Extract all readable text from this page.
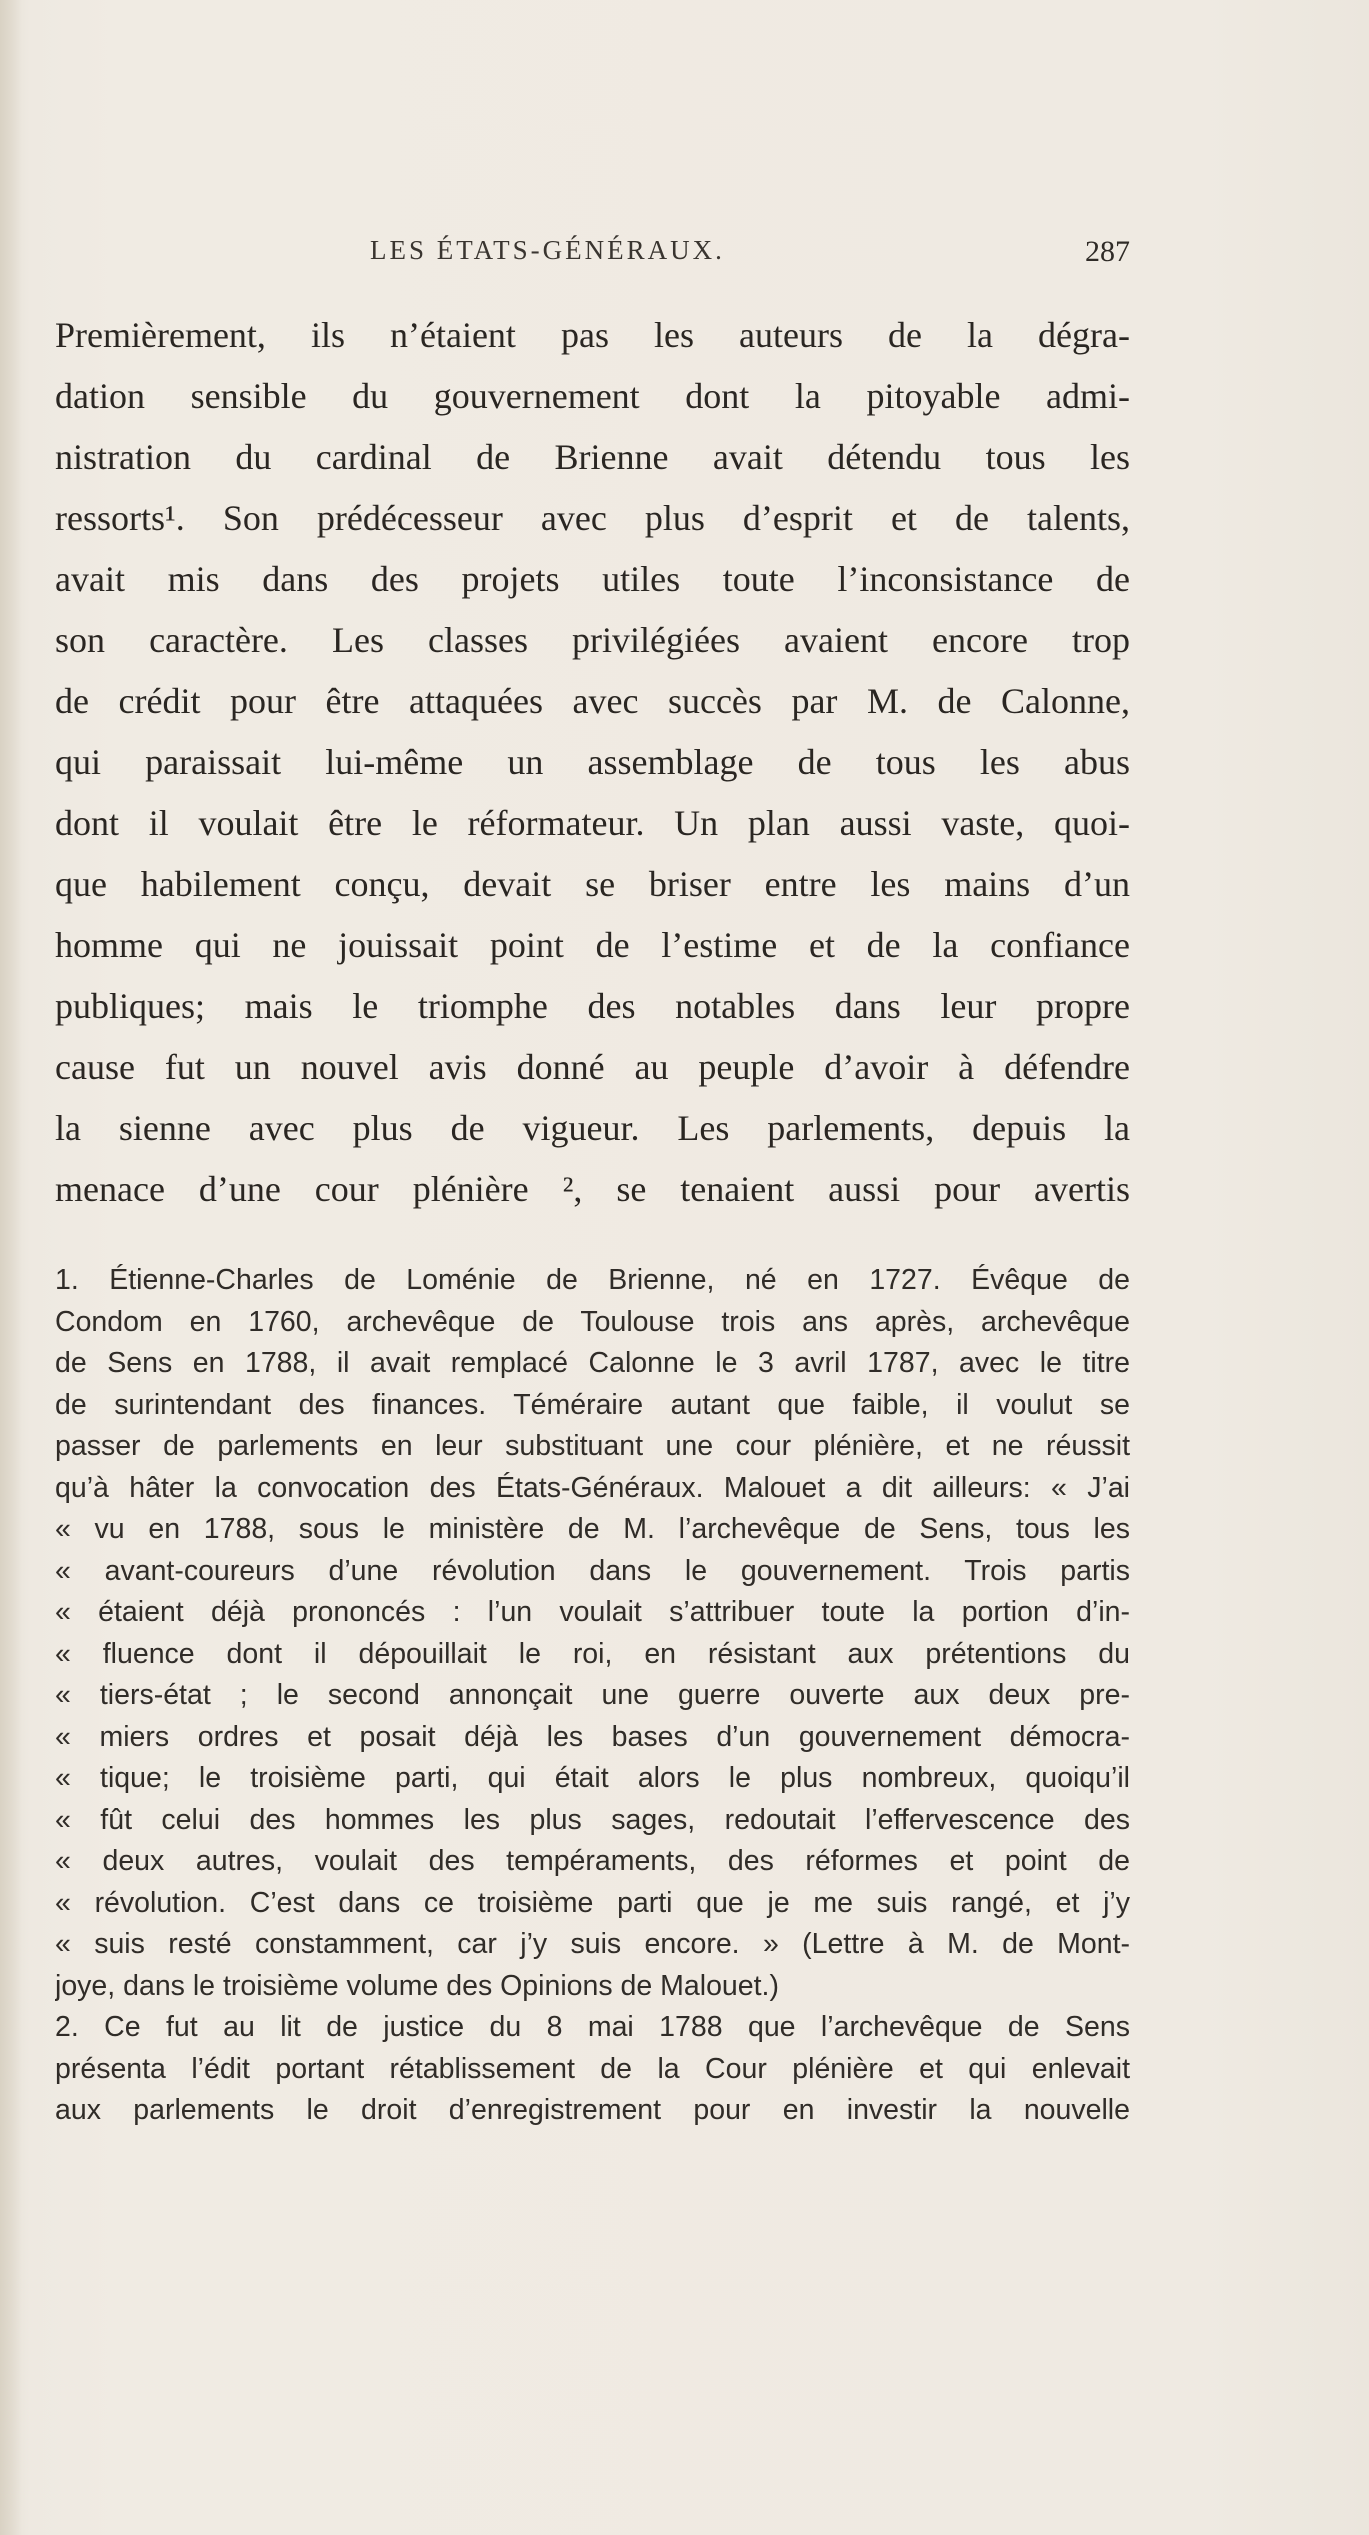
LES ÉTATS-GÉNÉRAUX.	287
Premièrement, ils n’étaient pas les auteurs de la dégra-
dation sensible du gouvernement dont la pitoyable admi-
nistration du cardinal de Brienne avait détendu tous les
ressorts¹. Son prédécesseur avec plus d’esprit et de talents,
avait mis dans des projets utiles toute l’inconsistance de
son caractère. Les classes privilégiées avaient encore trop
de crédit pour être attaquées avec succès par M. de Calonne,
qui paraissait lui-même un assemblage de tous les abus
dont il voulait être le réformateur. Un plan aussi vaste, quoi-
que habilement conçu, devait se briser entre les mains d’un
homme qui ne jouissait point de l’estime et de la confiance
publiques; mais le triomphe des notables dans leur propre
cause fut un nouvel avis donné au peuple d’avoir à défendre
la sienne avec plus de vigueur. Les parlements, depuis la
menace d’une cour plénière ², se tenaient aussi pour avertis
1. Étienne-Charles de Loménie de Brienne, né en 1727. Évêque de
Condom en 1760, archevêque de Toulouse trois ans après, archevêque
de Sens en 1788, il avait remplacé Calonne le 3 avril 1787, avec le titre
de surintendant des finances. Téméraire autant que faible, il voulut se
passer de parlements en leur substituant une cour plénière, et ne réussit
qu’à hâter la convocation des États-Généraux. Malouet a dit ailleurs: « J’ai
« vu en 1788, sous le ministère de M. l’archevêque de Sens, tous les
« avant-coureurs d’une révolution dans le gouvernement. Trois partis
« étaient déjà prononcés : l’un voulait s’attribuer toute la portion d’in-
« fluence dont il dépouillait le roi, en résistant aux prétentions du
« tiers-état ; le second annonçait une guerre ouverte aux deux pre-
« miers ordres et posait déjà les bases d’un gouvernement démocra-
« tique; le troisième parti, qui était alors le plus nombreux, quoiqu’il
« fût celui des hommes les plus sages, redoutait l’effervescence des
« deux autres, voulait des tempéraments, des réformes et point de
« révolution. C’est dans ce troisième parti que je me suis rangé, et j’y
« suis resté constamment, car j’y suis encore. » (Lettre à M. de Mont-
joye, dans le troisième volume des Opinions de Malouet.)
2. Ce fut au lit de justice du 8 mai 1788 que l’archevêque de Sens
présenta l’édit portant rétablissement de la Cour plénière et qui enlevait
aux parlements le droit d’enregistrement pour en investir la nouvelle
